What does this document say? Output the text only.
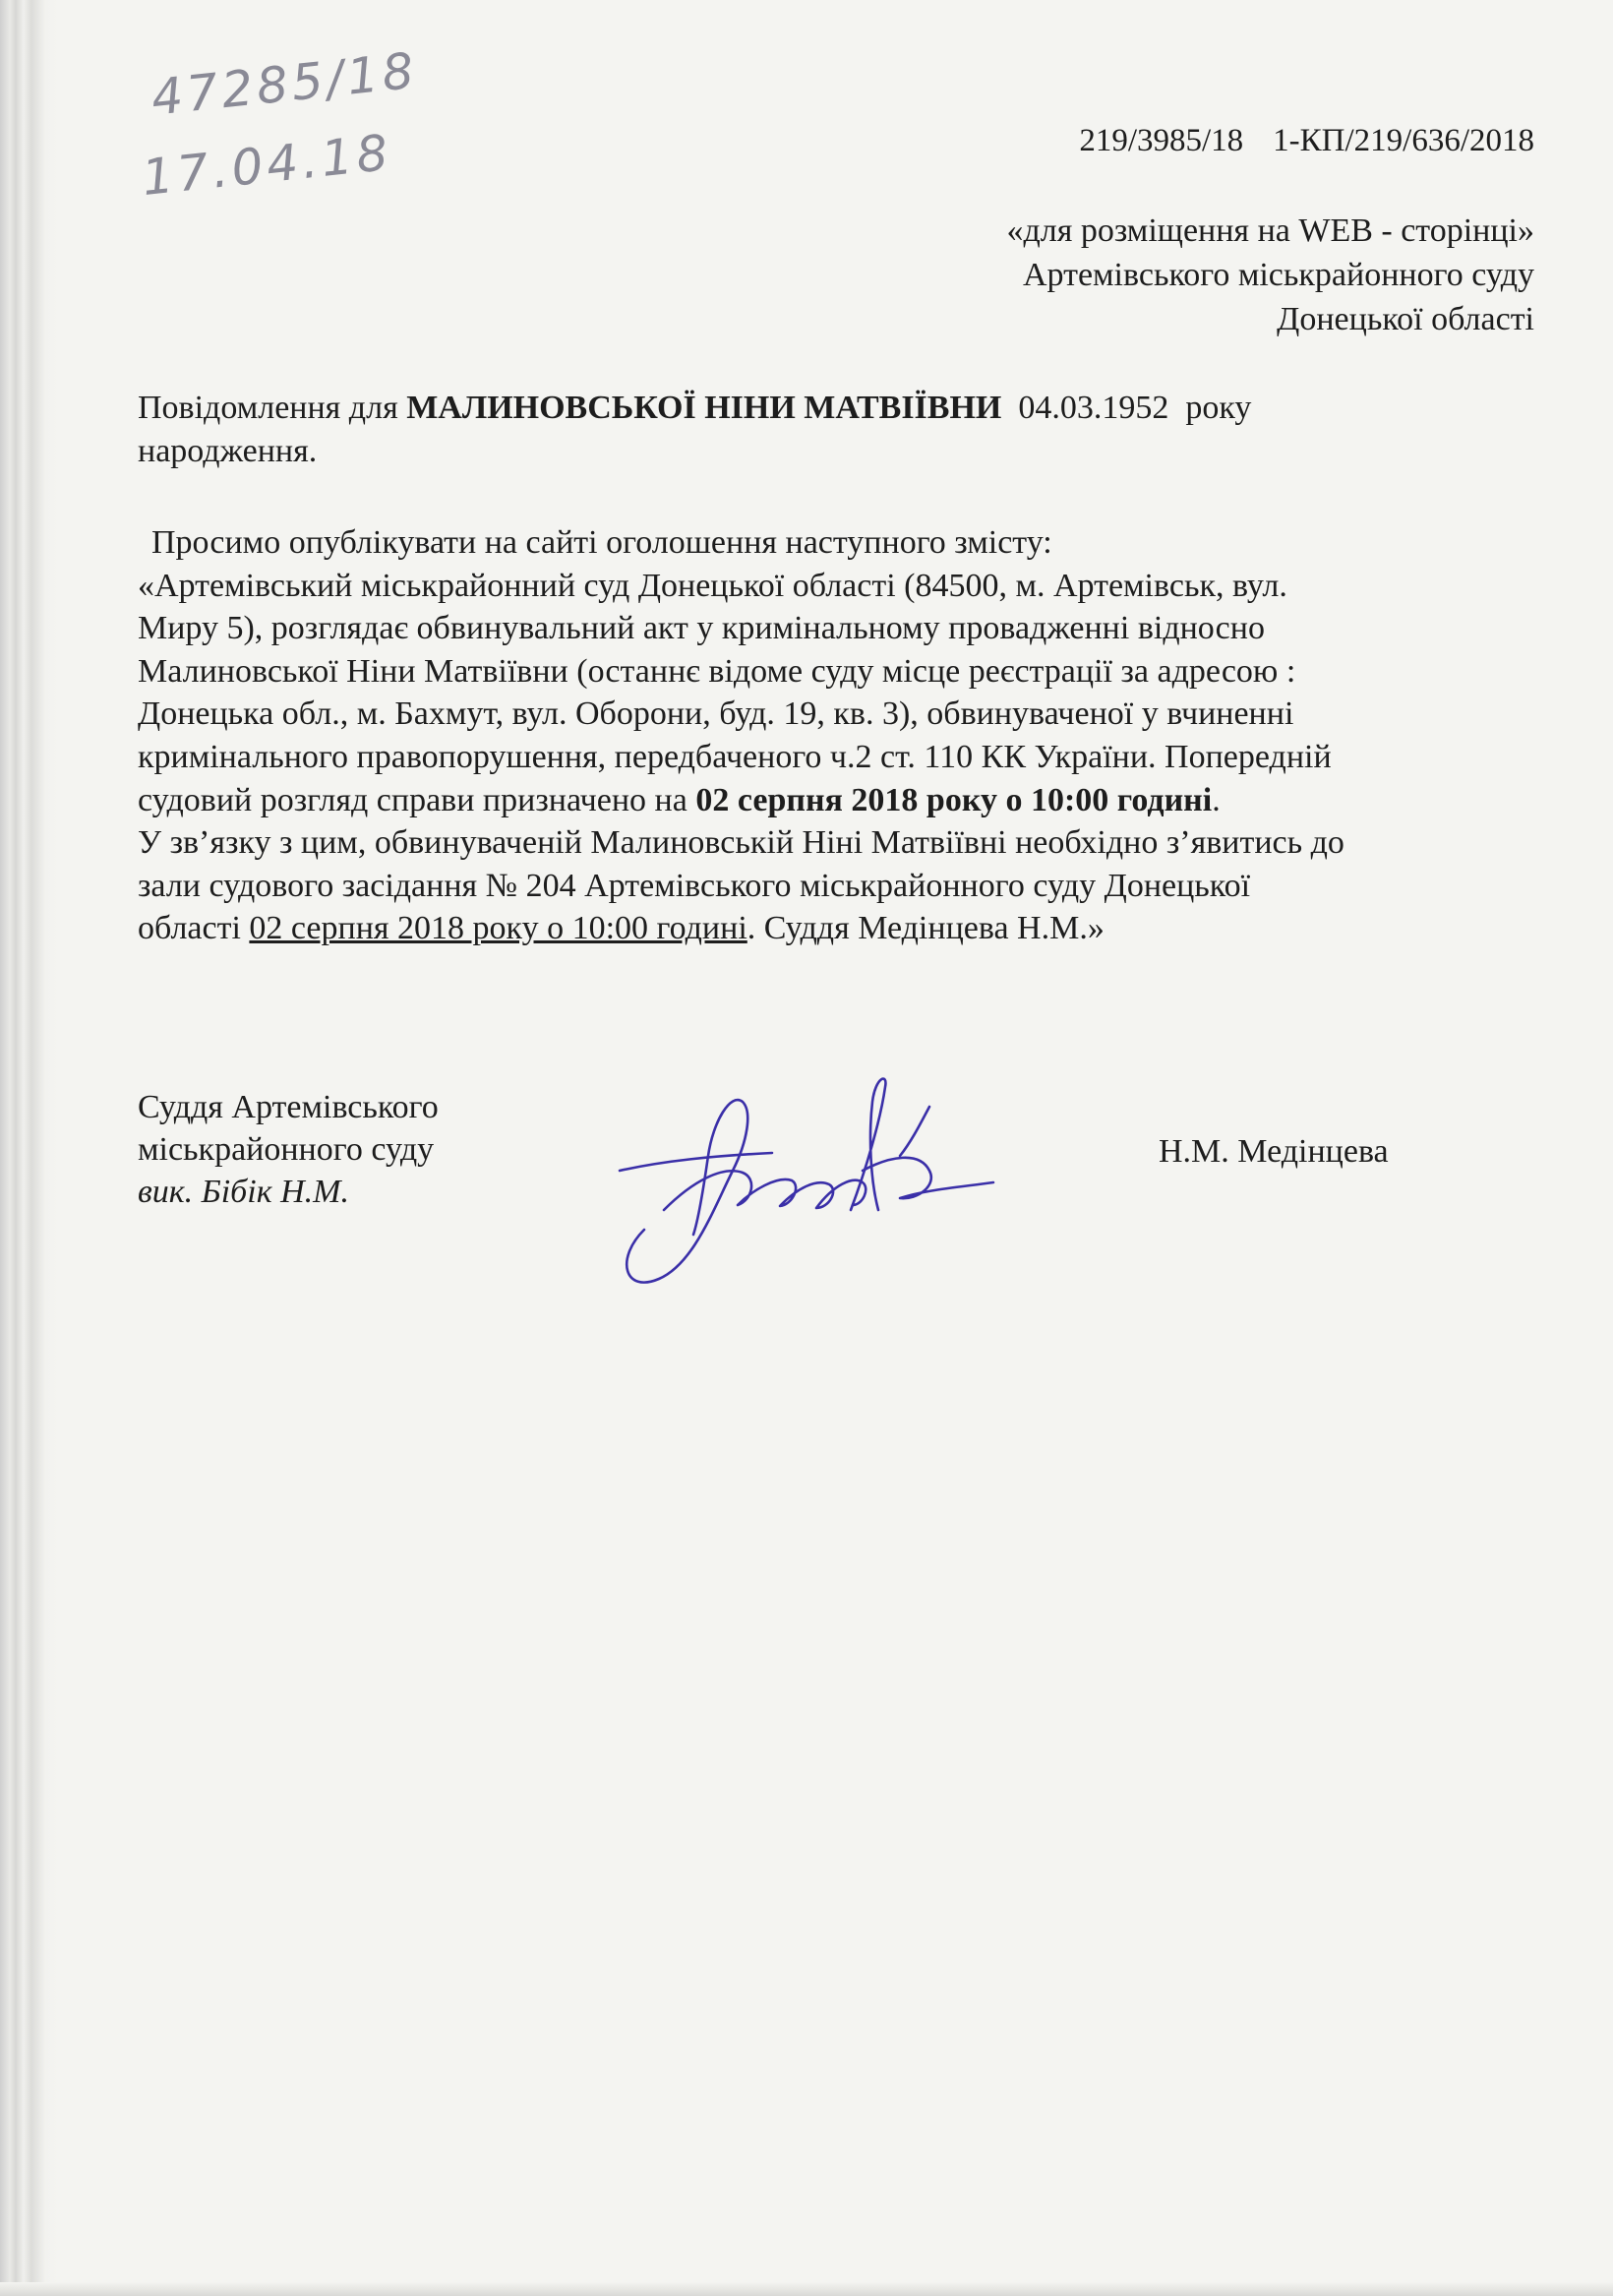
47285/18
17.04.18	219/3985/18 1-КП/219/636/2018
«для розміщення на WEB - сторінці»
Артемівського міськрайонного суду
Донецької області
Повідомлення для МАЛИНОВСЬКОЇ НІНИ МАТВІЇВНИ  04.03.1952  року
народження.
Просимо опублікувати на сайті оголошення наступного змісту:
«Артемівський міськрайонний суд Донецької області (84500, м. Артемівськ, вул.
Миру 5), розглядає обвинувальний акт у кримінальному провадженні відносно
Малиновської Ніни Матвіївни (останнє відоме суду місце реєстрації за адресою :
Донецька обл., м. Бахмут, вул. Оборони, буд. 19, кв. 3), обвинуваченої у вчиненні
кримінального правопорушення, передбаченого ч.2 ст. 110 КК України. Попередній
судовий розгляд справи призначено на 02 серпня 2018 року о 10:00 годині.
У зв’язку з цим, обвинуваченій Малиновській Ніні Матвіївні необхідно з’явитись до
зали судового засідання № 204 Артемівського міськрайонного суду Донецької
області 02 серпня 2018 року о 10:00 годині. Суддя Медінцева Н.М.»
Суддя Артемівського
міськрайонного суду
вик. Бібік Н.М.
Н.М. Медінцева
